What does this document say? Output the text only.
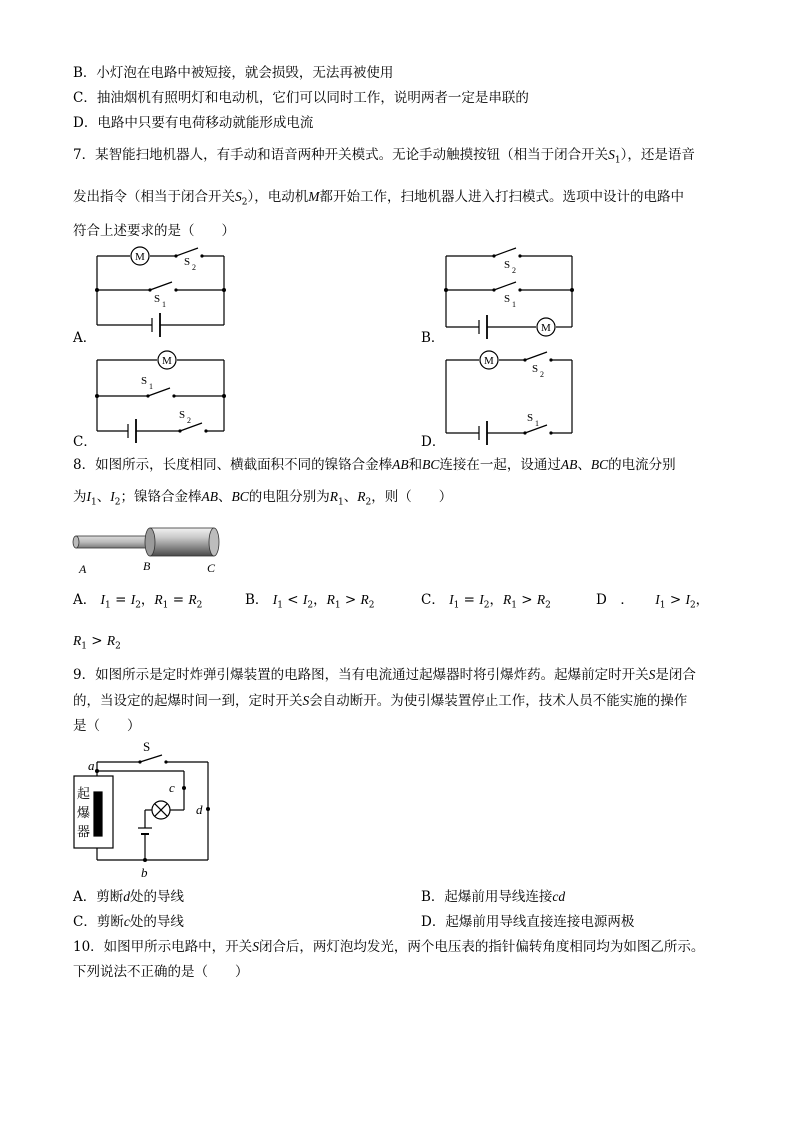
B．小灯泡在电路中被短接，就会损毁，无法再被使用
C．抽油烟机有照明灯和电动机，它们可以同时工作，说明两者一定是串联的
D．电路中只要有电荷移动就能形成电流
7．某智能扫地机器人，有手动和语音两种开关模式。无论手动触摸按钮（相当于闭合开关$S_1$），还是语音
发出指令（相当于闭合开关$S_2$），电动机M都开始工作，扫地机器人进入打扫模式。选项中设计的电路中
符合上述要求的是（　　）
M	S 2
S 1
S 2
S 1
M
M
S 1
S 2
M
S 2
S 1
A．	B．
C．	D．
8．如图所示，长度相同、横截面积不同的镍铬合金棒AB和BC连接在一起，设通过AB、BC的电流分别
为$I_1$、$I_2$；镍铬合金棒AB、BC的电阻分别为$R_1$、$R_2$，则（　　）
A	B	C
A． $I_1 = I_2$，$R_1 = R_2$	B． $I_1 < I_2$，$R_1 > R_2$	C． $I_1 = I_2$，$R_1 > R_2$	D　． $I_1 > I_2$，
$R_1 > R_2$
9．如图所示是定时炸弹引爆装置的电路图，当有电流通过起爆器时将引爆炸药。起爆前定时开关S是闭合
的，当设定的起爆时间一到，定时开关S会自动断开。为使引爆装置停止工作，技术人员不能实施的操作
是（　　）
S
a
c
d
b
起
爆
器
A．剪断d处的导线	B．起爆前用导线连接cd
C．剪断c处的导线	D．起爆前用导线直接连接电源两极
10．如图甲所示电路中，开关S闭合后，两灯泡均发光，两个电压表的指针偏转角度相同均为如图乙所示。
下列说法不正确的是（　　）
